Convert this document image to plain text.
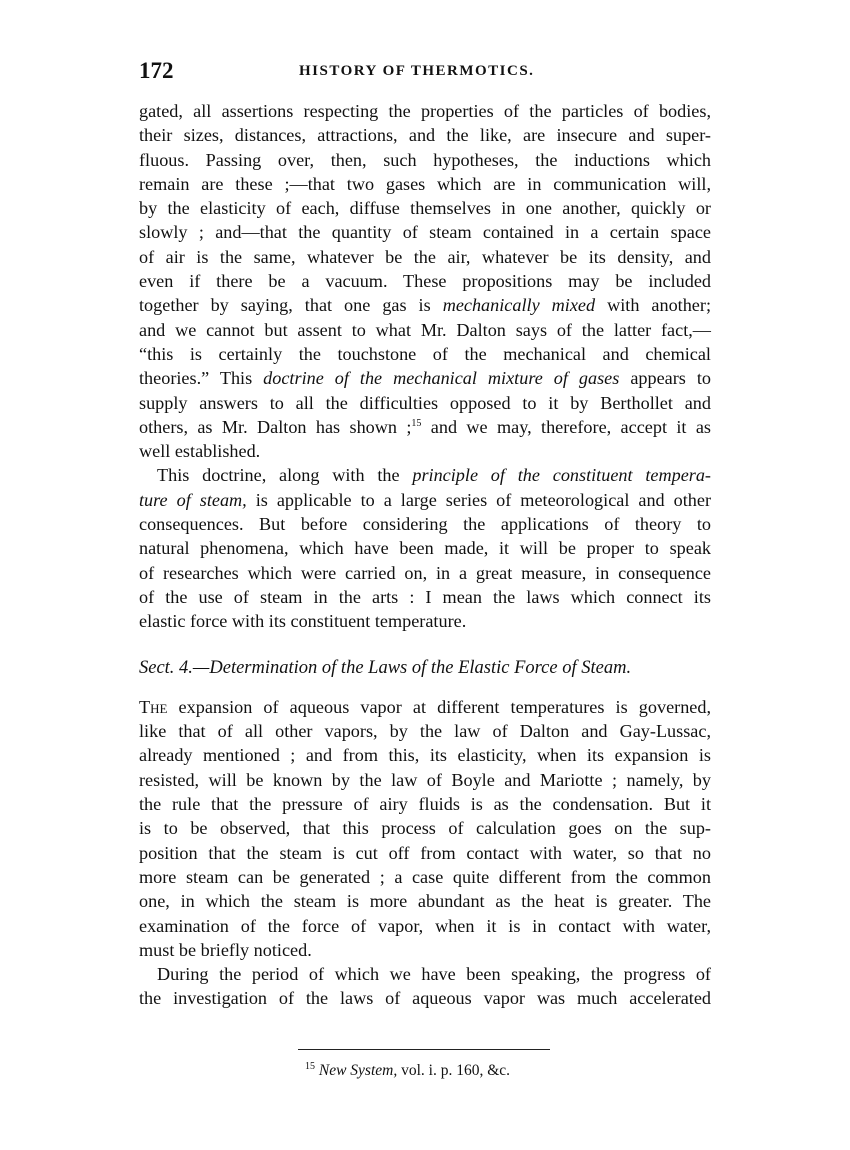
172	HISTORY OF THERMOTICS.
gated, all assertions respecting the properties of the particles of bodies,
their sizes, distances, attractions, and the like, are insecure and super-
fluous. Passing over, then, such hypotheses, the inductions which
remain are these ;—that two gases which are in communication will,
by the elasticity of each, diffuse themselves in one another, quickly or
slowly ; and—that the quantity of steam contained in a certain space
of air is the same, whatever be the air, whatever be its density, and
even if there be a vacuum. These propositions may be included
together by saying, that one gas is mechanically mixed with another;
and we cannot but assent to what Mr. Dalton says of the latter fact,—
“this is certainly the touchstone of the mechanical and chemical
theories.” This doctrine of the mechanical mixture of gases appears to
supply answers to all the difficulties opposed to it by Berthollet and
others, as Mr. Dalton has shown ;$^{15}$ and we may, therefore, accept it as
well established.
This doctrine, along with the principle of the constituent tempera-
ture of steam, is applicable to a large series of meteorological and other
consequences. But before considering the applications of theory to
natural phenomena, which have been made, it will be proper to speak
of researches which were carried on, in a great measure, in consequence
of the use of steam in the arts : I mean the laws which connect its
elastic force with its constituent temperature.
Sect. 4.—Determination of the Laws of the Elastic Force of Steam.
The expansion of aqueous vapor at different temperatures is governed,
like that of all other vapors, by the law of Dalton and Gay-Lussac,
already mentioned ; and from this, its elasticity, when its expansion is
resisted, will be known by the law of Boyle and Mariotte ; namely, by
the rule that the pressure of airy fluids is as the condensation. But it
is to be observed, that this process of calculation goes on the sup-
position that the steam is cut off from contact with water, so that no
more steam can be generated ; a case quite different from the common
one, in which the steam is more abundant as the heat is greater. The
examination of the force of vapor, when it is in contact with water,
must be briefly noticed.
During the period of which we have been speaking, the progress of
the investigation of the laws of aqueous vapor was much accelerated
$^{15}$ New System, vol. i. p. 160, &c.
